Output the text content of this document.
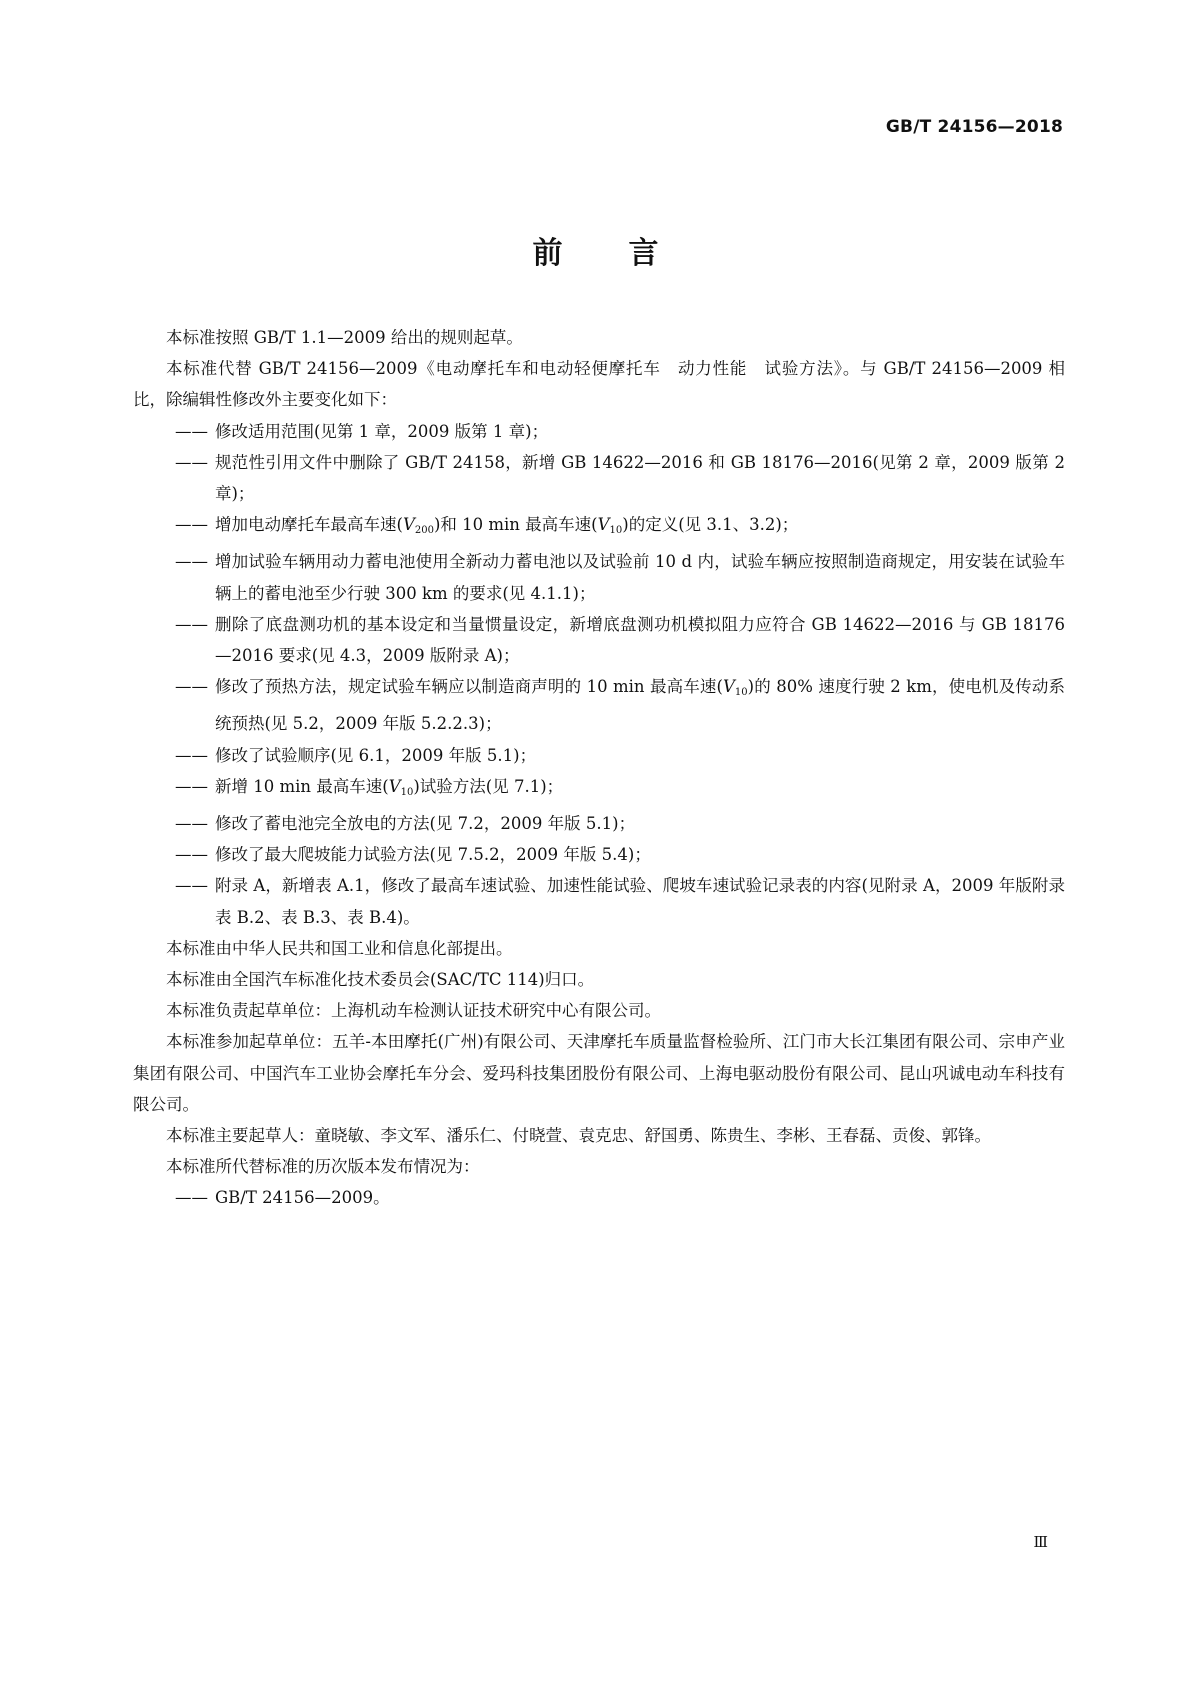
GB/T 24156—2018
前 言

本标准按照 GB/T 1.1—2009 给出的规则起草。

本标准代替 GB/T 24156—2009《电动摩托车和电动轻便摩托车　动力性能　试验方法》。与 GB/T 24156—2009 相比，除编辑性修改外主要变化如下：

—— 修改适用范围(见第 1 章，2009 版第 1 章)；

—— 规范性引用文件中删除了 GB/T 24158，新增 GB 14622—2016 和 GB 18176—2016(见第 2 章，2009 版第 2 章)；

—— 增加电动摩托车最高车速$(V_{200})$和 10 min 最高车速$(V_{10})$的定义(见 3.1、3.2)；

—— 增加试验车辆用动力蓄电池使用全新动力蓄电池以及试验前 10 d 内，试验车辆应按照制造商规定，用安装在试验车辆上的蓄电池至少行驶 300 km 的要求(见 4.1.1)；

—— 删除了底盘测功机的基本设定和当量惯量设定，新增底盘测功机模拟阻力应符合 GB 14622—2016 与 GB 18176—2016 要求(见 4.3，2009 版附录 A)；

—— 修改了预热方法，规定试验车辆应以制造商声明的 10 min 最高车速$(V_{10})$的 80% 速度行驶 2 km，使电机及传动系统预热(见 5.2，2009 年版 5.2.2.3)；

—— 修改了试验顺序(见 6.1，2009 年版 5.1)；

—— 新增 10 min 最高车速$(V_{10})$试验方法(见 7.1)；

—— 修改了蓄电池完全放电的方法(见 7.2，2009 年版 5.1)；

—— 修改了最大爬坡能力试验方法(见 7.5.2，2009 年版 5.4)；

—— 附录 A，新增表 A.1，修改了最高车速试验、加速性能试验、爬坡车速试验记录表的内容(见附录 A，2009 年版附录表 B.2、表 B.3、表 B.4)。

本标准由中华人民共和国工业和信息化部提出。

本标准由全国汽车标准化技术委员会(SAC/TC 114)归口。

本标准负责起草单位：上海机动车检测认证技术研究中心有限公司。

本标准参加起草单位：五羊-本田摩托(广州)有限公司、天津摩托车质量监督检验所、江门市大长江集团有限公司、宗申产业集团有限公司、中国汽车工业协会摩托车分会、爱玛科技集团股份有限公司、上海电驱动股份有限公司、昆山巩诚电动车科技有限公司。

本标准主要起草人：童晓敏、李文军、潘乐仁、付晓萱、袁克忠、舒国勇、陈贵生、李彬、王春磊、贡俊、郭锋。

本标准所代替标准的历次版本发布情况为：

—— GB/T 24156—2009。

Ⅲ
